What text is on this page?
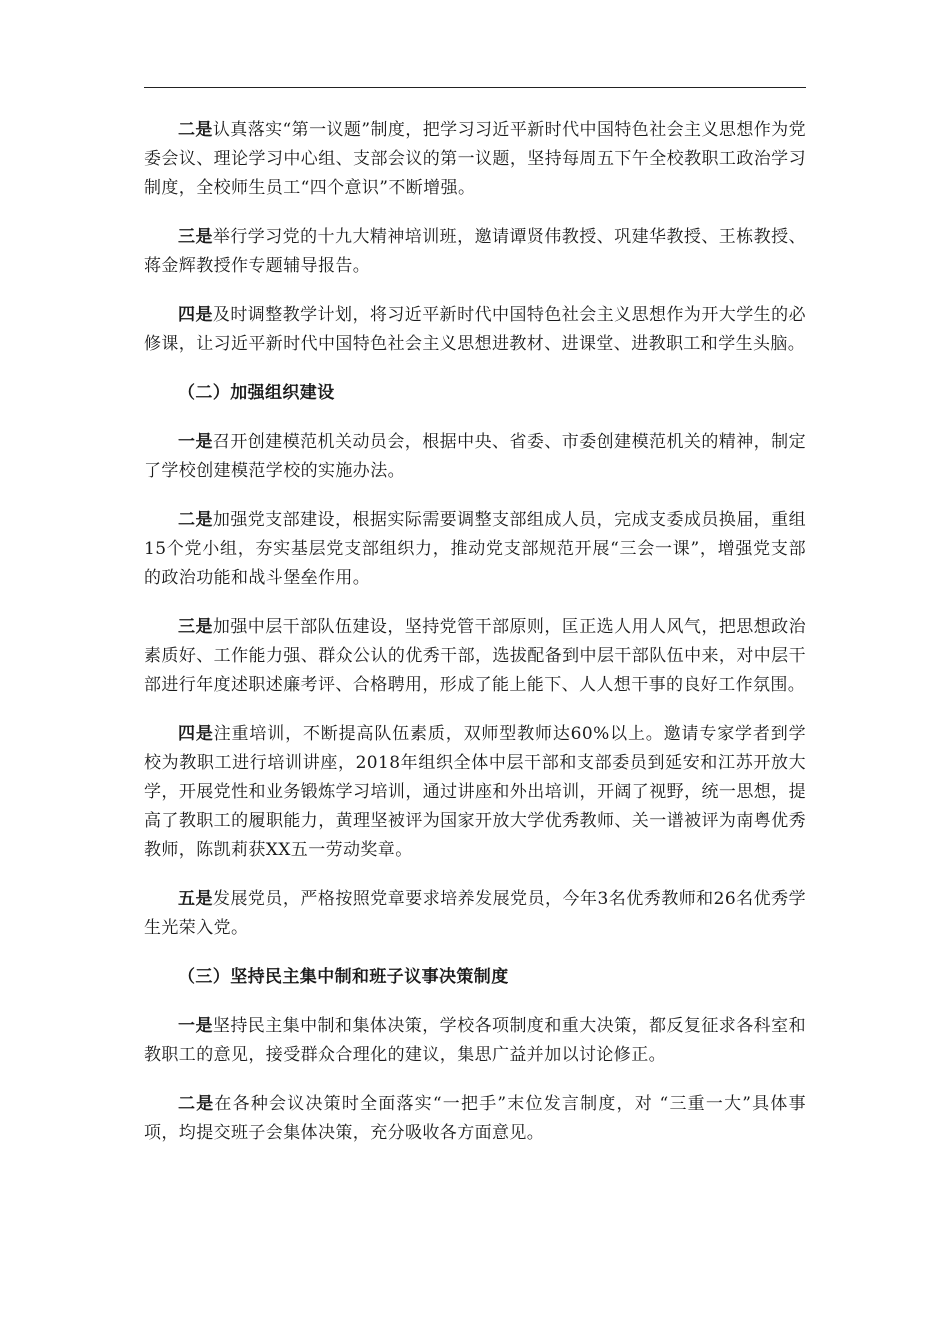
二是认真落实“第一议题”制度，把学习习近平新时代中国特色社会主义思想作为党委会议、理论学习中心组、支部会议的第一议题，坚持每周五下午全校教职工政治学习制度，全校师生员工“四个意识”不断增强。

三是举行学习党的十九大精神培训班，邀请谭贤伟教授、巩建华教授、王栋教授、蒋金辉教授作专题辅导报告。

四是及时调整教学计划，将习近平新时代中国特色社会主义思想作为开大学生的必修课，让习近平新时代中国特色社会主义思想进教材、进课堂、进教职工和学生头脑。

（二）加强组织建设

一是召开创建模范机关动员会，根据中央、省委、市委创建模范机关的精神，制定了学校创建模范学校的实施办法。

二是加强党支部建设，根据实际需要调整支部组成人员，完成支委成员换届，重组15个党小组，夯实基层党支部组织力，推动党支部规范开展“三会一课”，增强党支部的政治功能和战斗堡垒作用。

三是加强中层干部队伍建设，坚持党管干部原则，匡正选人用人风气，把思想政治素质好、工作能力强、群众公认的优秀干部，选拔配备到中层干部队伍中来，对中层干部进行年度述职述廉考评、合格聘用，形成了能上能下、人人想干事的良好工作氛围。

四是注重培训，不断提高队伍素质，双师型教师达60%以上。邀请专家学者到学校为教职工进行培训讲座，2018年组织全体中层干部和支部委员到延安和江苏开放大学，开展党性和业务锻炼学习培训，通过讲座和外出培训，开阔了视野，统一思想，提高了教职工的履职能力，黄理坚被评为国家开放大学优秀教师、关一谱被评为南粤优秀教师，陈凯莉获XX五一劳动奖章。

五是发展党员，严格按照党章要求培养发展党员，今年3名优秀教师和26名优秀学生光荣入党。

（三）坚持民主集中制和班子议事决策制度

一是坚持民主集中制和集体决策，学校各项制度和重大决策，都反复征求各科室和教职工的意见，接受群众合理化的建议，集思广益并加以讨论修正。

二是在各种会议决策时全面落实“一把手”末位发言制度，对 “三重一大”具体事项，均提交班子会集体决策，充分吸收各方面意见。
